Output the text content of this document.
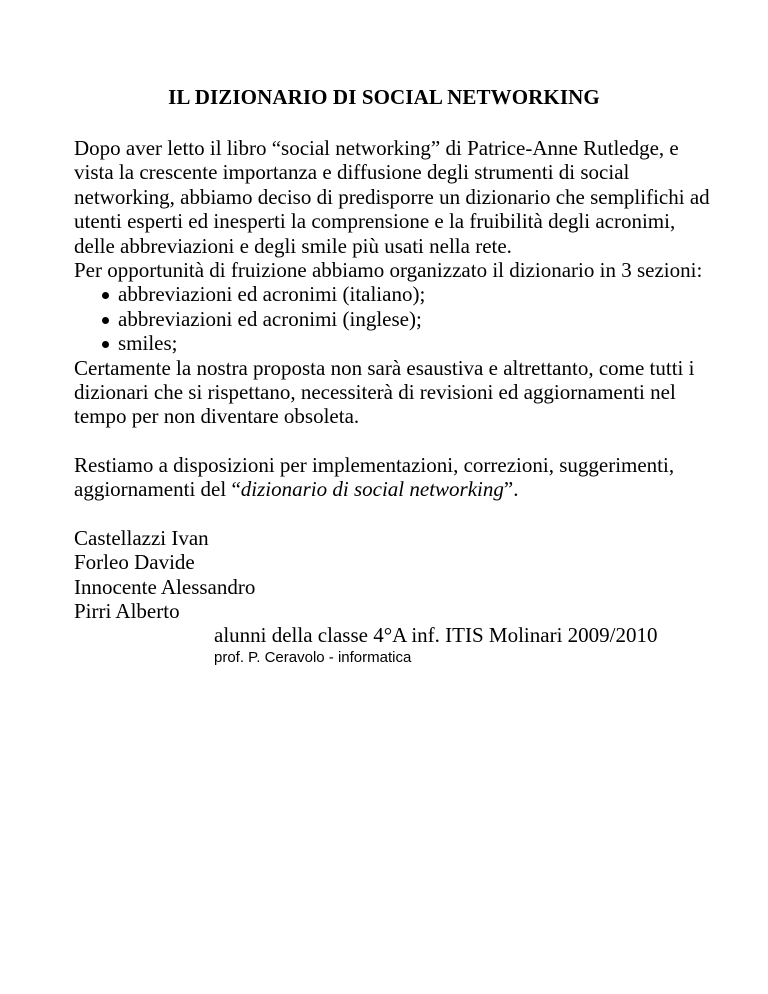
IL DIZIONARIO DI SOCIAL NETWORKING

Dopo aver letto il libro “social networking” di Patrice-Anne Rutledge, e vista la crescente importanza e diffusione degli strumenti di social networking, abbiamo deciso di predisporre un dizionario che semplifichi ad utenti esperti ed inesperti la comprensione e la fruibilità degli acronimi, delle abbreviazioni e degli smile più usati nella rete.

Per opportunità di fruizione abbiamo organizzato il dizionario in 3 sezioni:

abbreviazioni ed acronimi (italiano);
abbreviazioni ed acronimi (inglese);
smiles;

Certamente la nostra proposta non sarà esaustiva e altrettanto, come tutti i dizionari che si rispettano, necessiterà di revisioni ed aggiornamenti nel tempo per non diventare obsoleta.

Restiamo a disposizioni per implementazioni, correzioni, suggerimenti, aggiornamenti del “dizionario di social networking”.

Castellazzi Ivan

Forleo Davide

Innocente Alessandro

Pirri Alberto

alunni della classe 4°A inf. ITIS Molinari 2009/2010

prof. P. Ceravolo - informatica
